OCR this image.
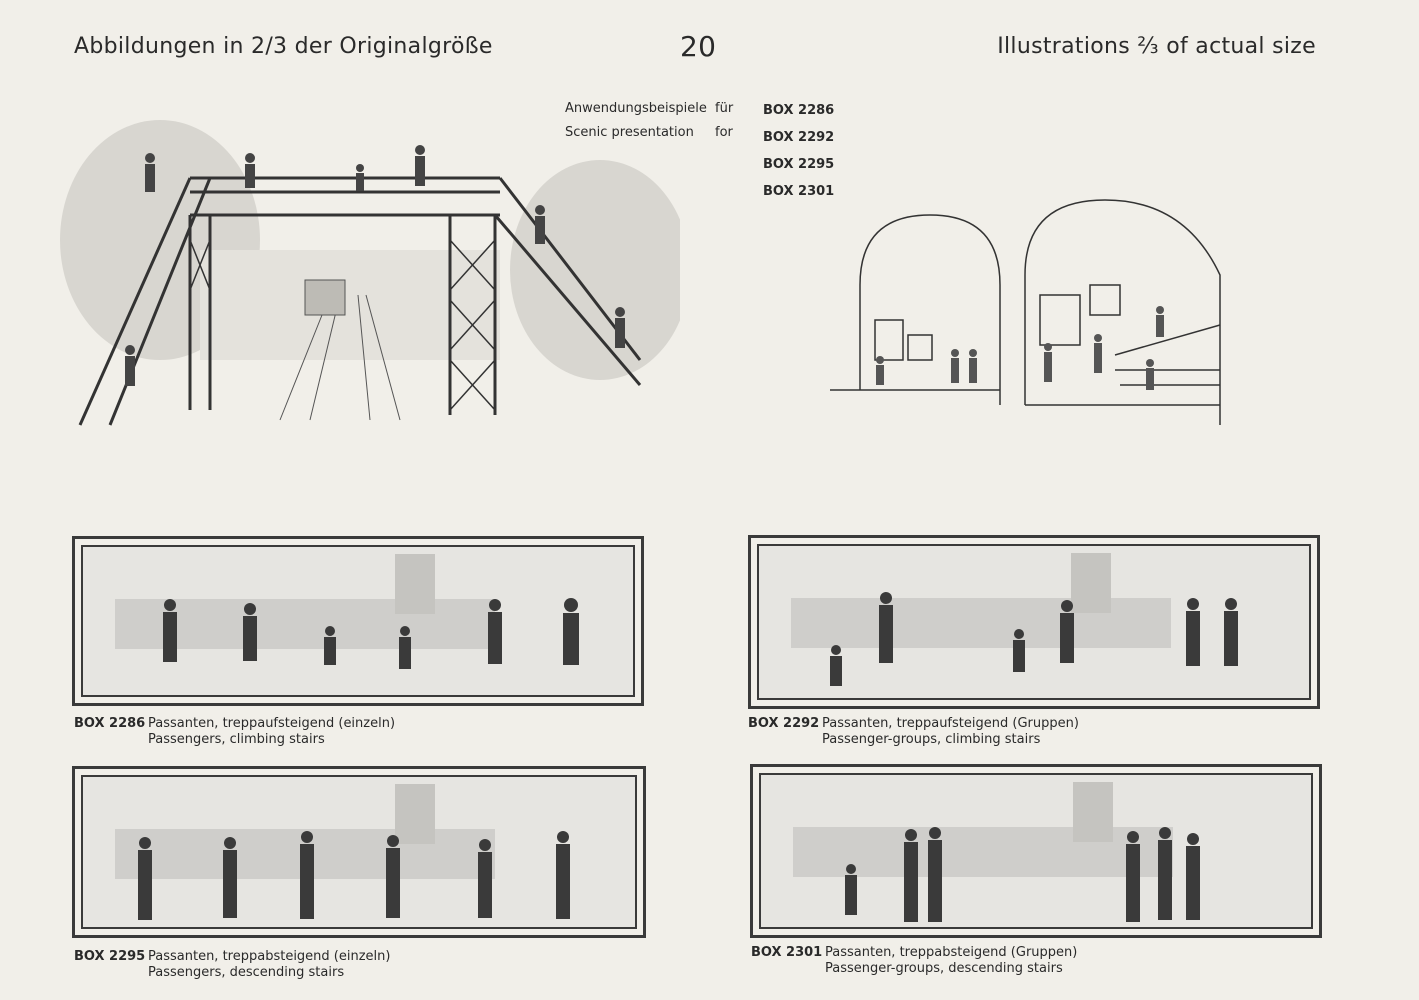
Abbildungen in 2/3 der Originalgröße	20	Illustrations ⅔ of actual size
Anwendungsbeispiele für
Scenic presentation	for
BOX 2286
BOX 2292
BOX 2295
BOX 2301
BOX 2286 Passanten, treppaufsteigend (einzeln)
Passengers, climbing stairs
BOX 2292 Passanten, treppaufsteigend (Gruppen)
Passenger-groups, climbing stairs
BOX 2295 Passanten, treppabsteigend (einzeln)
Passengers, descending stairs
BOX 2301 Passanten, treppabsteigend (Gruppen)
Passenger-groups, descending stairs
